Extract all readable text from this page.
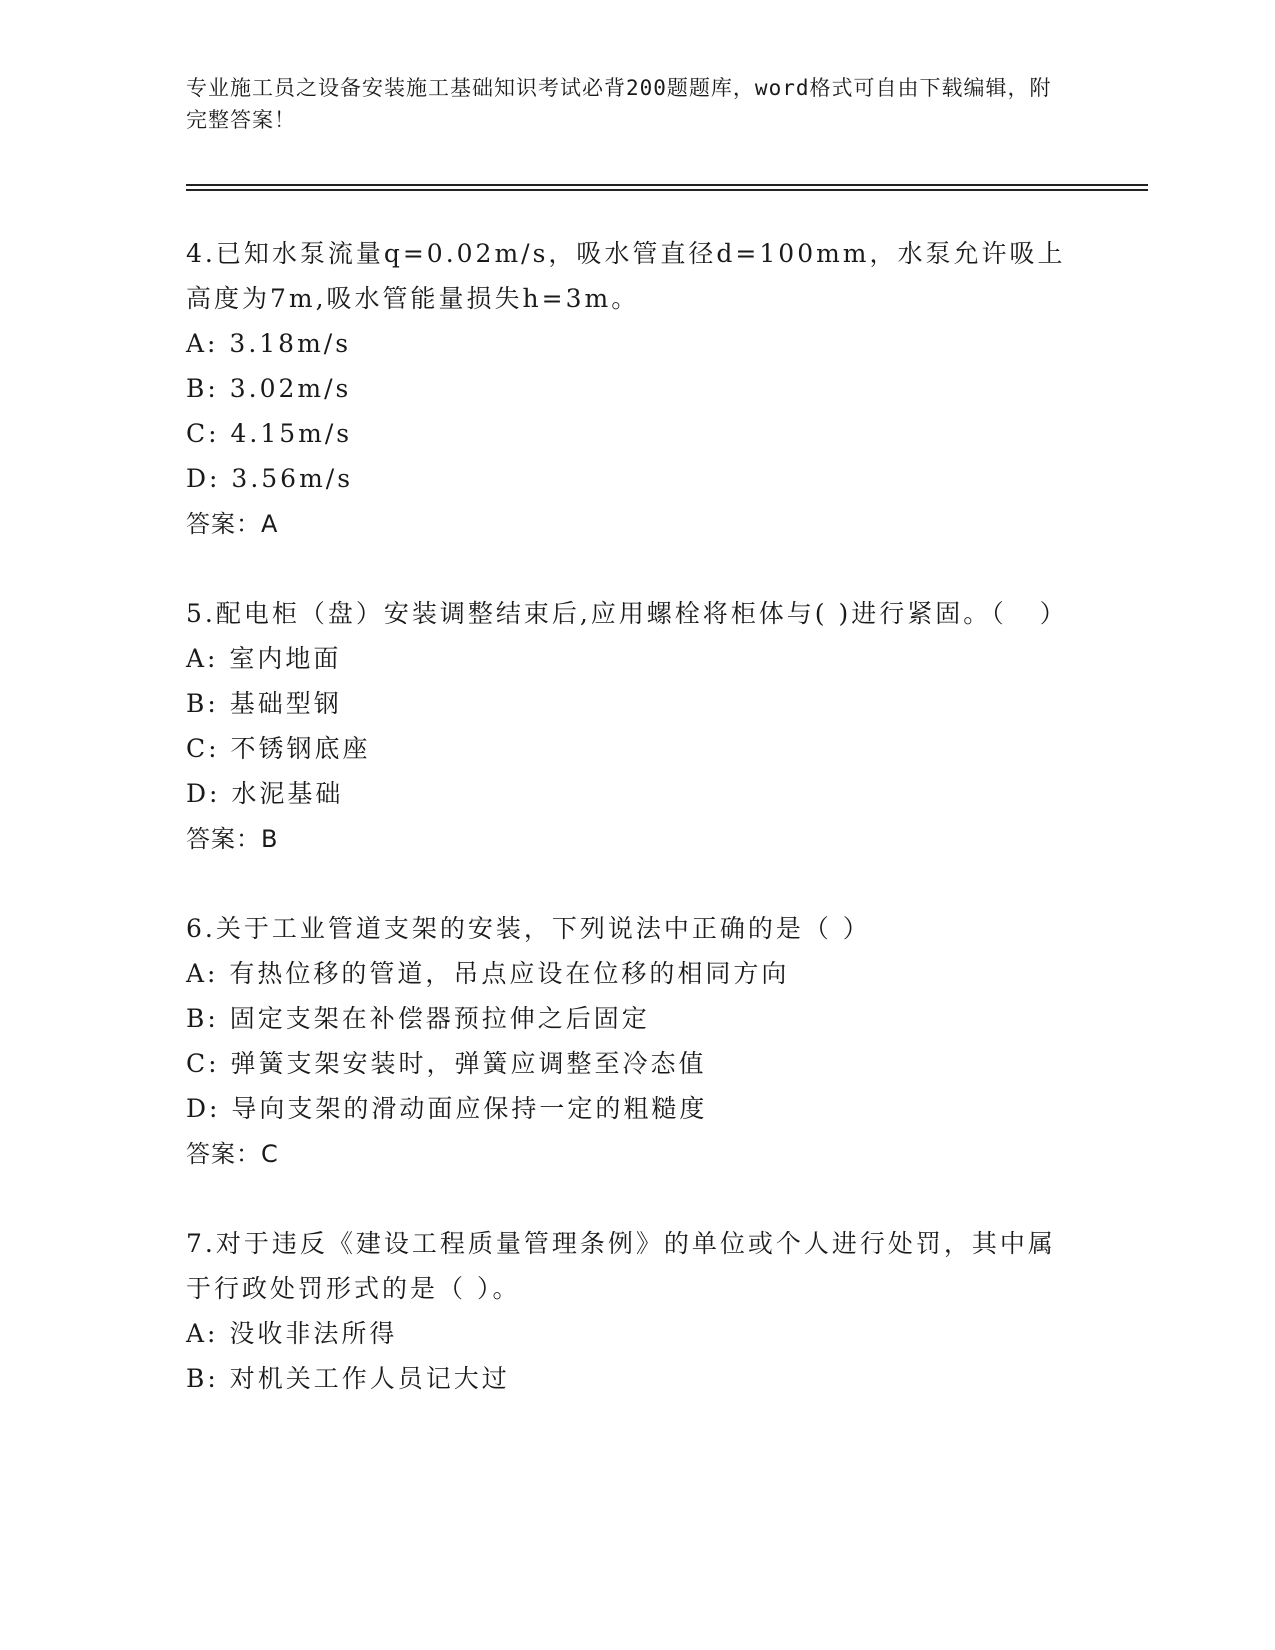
专业施工员之设备安装施工基础知识考试必背200题题库，word格式可自由下载编辑，附完整答案！
4.已知水泵流量q=0.02m/s，吸水管直径d=100mm，水泵允许吸上高度为7m,吸水管能量损失h=3m。
A: 3.18m/s
B: 3.02m/s
C: 4.15m/s
D: 3.56m/s
答案：A
5.配电柜（盘）安装调整结束后,应用螺栓将柜体与( )进行紧固。（   ）
A: 室内地面
B: 基础型钢
C: 不锈钢底座
D: 水泥基础
答案：B
6.关于工业管道支架的安装，下列说法中正确的是（ ）
A: 有热位移的管道，吊点应设在位移的相同方向
B: 固定支架在补偿器预拉伸之后固定
C: 弹簧支架安装时，弹簧应调整至冷态值
D: 导向支架的滑动面应保持一定的粗糙度
答案：C
7.对于违反《建设工程质量管理条例》的单位或个人进行处罚，其中属于行政处罚形式的是（ ）。
A: 没收非法所得
B: 对机关工作人员记大过
